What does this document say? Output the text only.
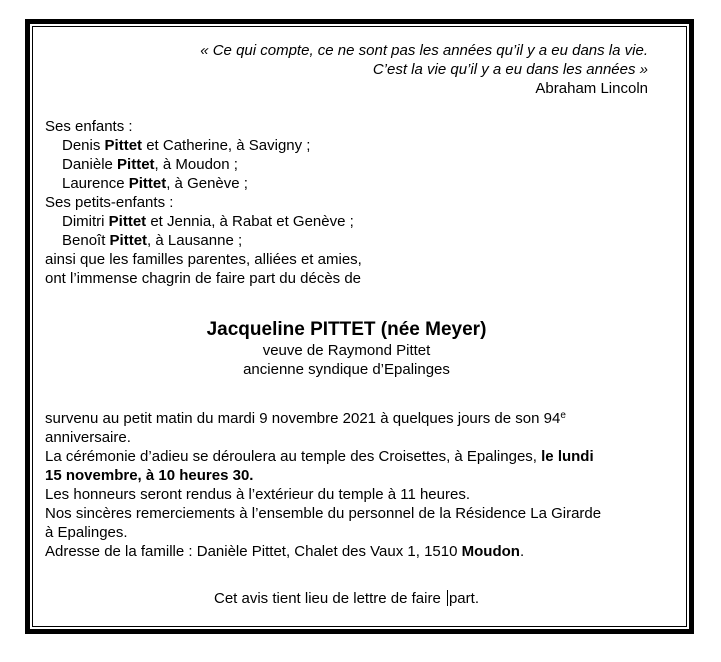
« Ce qui compte, ce ne sont pas les années qu’il y a eu dans la vie.
C’est la vie qu’il y a eu dans les années »
Abraham Lincoln
Ses enfants :
Denis Pittet et Catherine, à Savigny ;
Danièle Pittet, à Moudon ;
Laurence Pittet, à Genève ;
Ses petits-enfants :
Dimitri Pittet et Jennia, à Rabat et Genève ;
Benoît Pittet, à Lausanne ;
ainsi que les familles parentes, alliées et amies,
ont l’immense chagrin de faire part du décès de
Jacqueline PITTET (née Meyer)
veuve de Raymond Pittet
ancienne syndique d’Epalinges
survenu au petit matin du mardi 9 novembre 2021 à quelques jours de son 94e
anniversaire.
La cérémonie d’adieu se déroulera au temple des Croisettes, à Epalinges, le lundi
15 novembre, à 10 heures 30.
Les honneurs seront rendus à l’extérieur du temple à 11 heures.
Nos sincères remerciements à l’ensemble du personnel de la Résidence La Girarde
à Epalinges.
Adresse de la famille : Danièle Pittet, Chalet des Vaux 1, 1510 Moudon.
Cet avis tient lieu de lettre de faire part.
